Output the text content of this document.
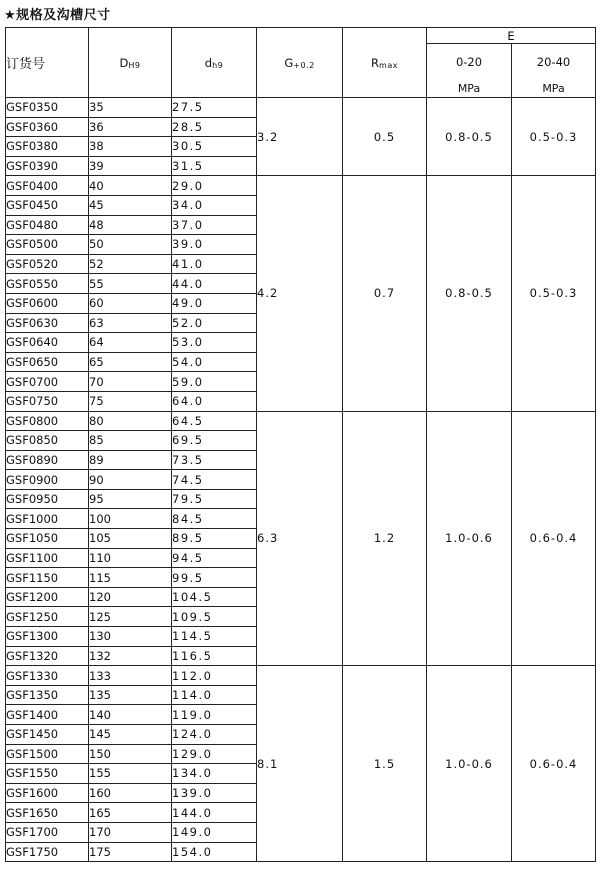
★规格及沟槽尺寸
订货号	DH9	dh9	G+0.2	Rmax	E	
					0-20	20-40
					MPa	MPa
GSF0350	35	27.5	3.2	0.5	0.8-0.5	0.5-0.3
GSF0360	36	28.5				
GSF0380	38	30.5				
GSF0390	39	31.5				
GSF0400	40	29.0	4.2	0.7	0.8-0.5	0.5-0.3
GSF0450	45	34.0				
GSF0480	48	37.0				
GSF0500	50	39.0				
GSF0520	52	41.0				
GSF0550	55	44.0				
GSF0600	60	49.0				
GSF0630	63	52.0				
GSF0640	64	53.0				
GSF0650	65	54.0				
GSF0700	70	59.0				
GSF0750	75	64.0				
GSF0800	80	64.5	6.3	1.2	1.0-0.6	0.6-0.4
GSF0850	85	69.5				
GSF0890	89	73.5				
GSF0900	90	74.5				
GSF0950	95	79.5				
GSF1000	100	84.5				
GSF1050	105	89.5				
GSF1100	110	94.5				
GSF1150	115	99.5				
GSF1200	120	104.5				
GSF1250	125	109.5				
GSF1300	130	114.5				
GSF1320	132	116.5				
GSF1330	133	112.0	8.1	1.5	1.0-0.6	0.6-0.4
GSF1350	135	114.0				
GSF1400	140	119.0				
GSF1450	145	124.0				
GSF1500	150	129.0				
GSF1550	155	134.0				
GSF1600	160	139.0				
GSF1650	165	144.0				
GSF1700	170	149.0				
GSF1750	175	154.0				
